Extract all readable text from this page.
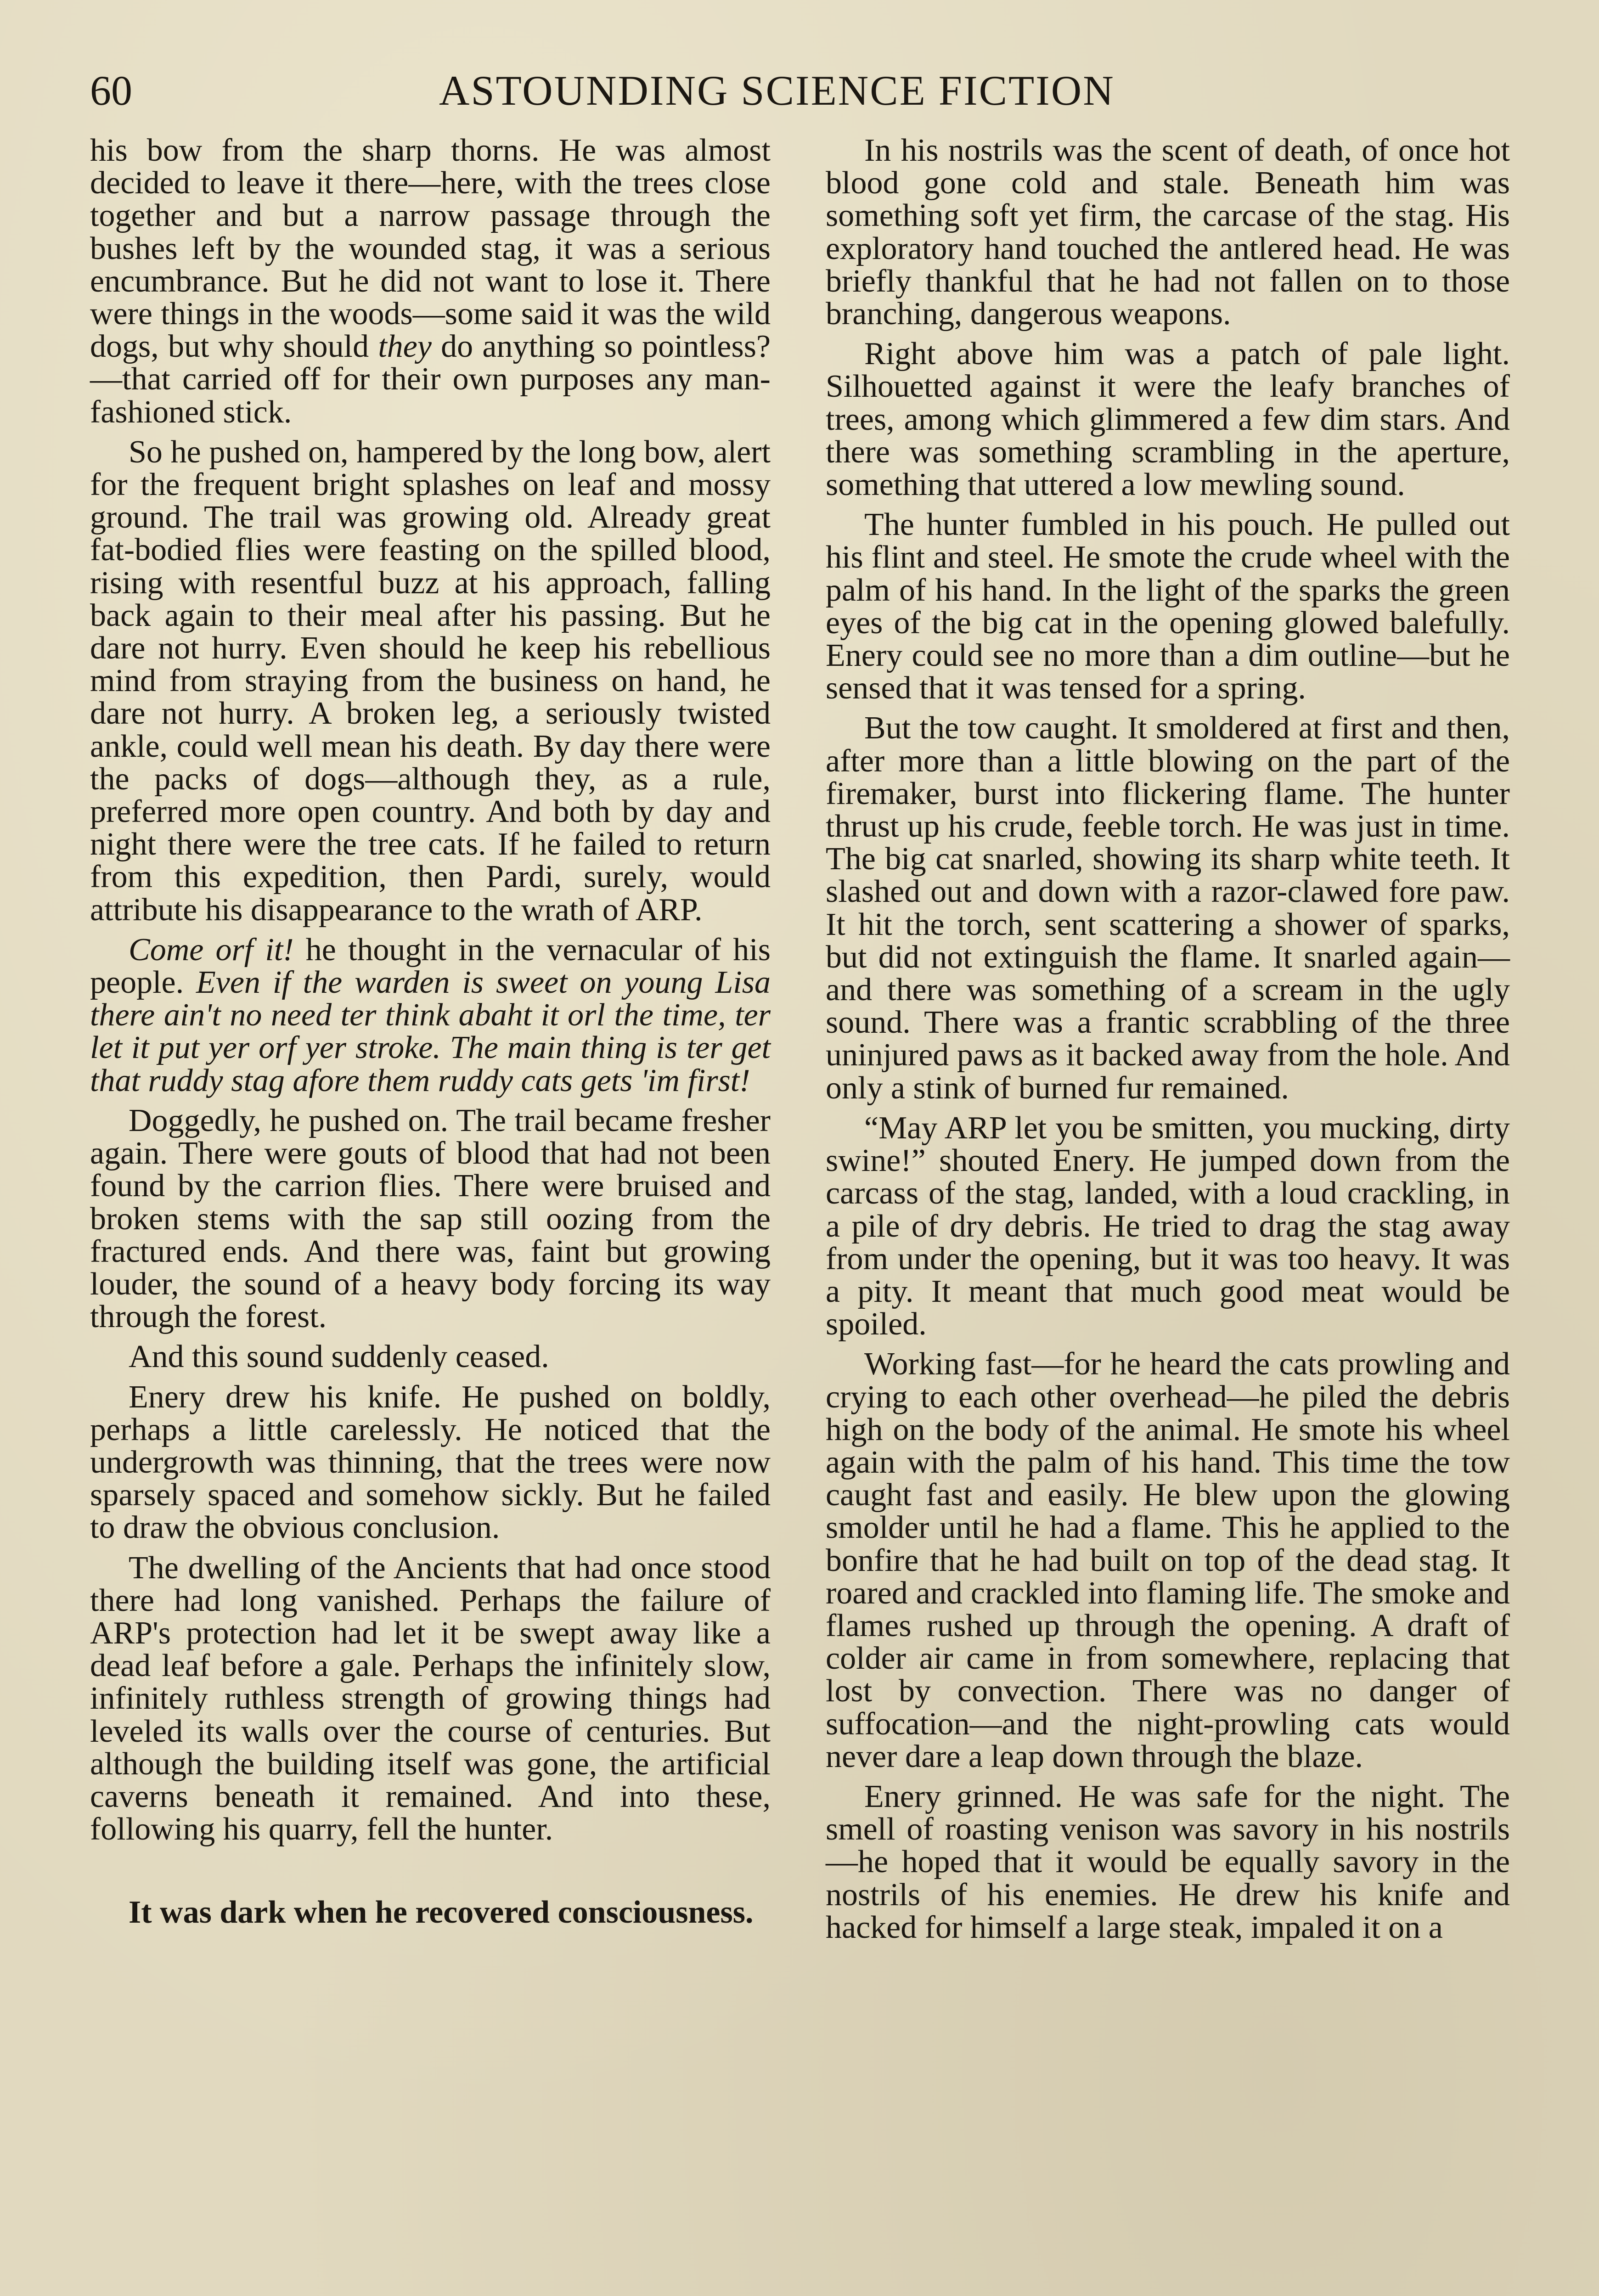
60	ASTOUNDING SCIENCE FICTION

his bow from the sharp thorns. He was almost decided to leave it there—here, with the trees close together and but a narrow passage through the bushes left by the wounded stag, it was a serious encumbrance. But he did not want to lose it. There were things in the woods—some said it was the wild dogs, but why should they do anything so pointless?—that carried off for their own purposes any man-fashioned stick.

So he pushed on, hampered by the long bow, alert for the frequent bright splashes on leaf and mossy ground. The trail was growing old. Already great fat-bodied flies were feasting on the spilled blood, rising with resentful buzz at his approach, falling back again to their meal after his passing. But he dare not hurry. Even should he keep his rebellious mind from straying from the business on hand, he dare not hurry. A broken leg, a seriously twisted ankle, could well mean his death. By day there were the packs of dogs—although they, as a rule, preferred more open country. And both by day and night there were the tree cats. If he failed to return from this expedition, then Pardi, surely, would attribute his disappearance to the wrath of ARP.

Come orf it! he thought in the vernacular of his people. Even if the warden is sweet on young Lisa there ain't no need ter think abaht it orl the time, ter let it put yer orf yer stroke. The main thing is ter get that ruddy stag afore them ruddy cats gets 'im first!

Doggedly, he pushed on. The trail became fresher again. There were gouts of blood that had not been found by the carrion flies. There were bruised and broken stems with the sap still oozing from the fractured ends. And there was, faint but growing louder, the sound of a heavy body forcing its way through the forest.

And this sound suddenly ceased.

Enery drew his knife. He pushed on boldly, perhaps a little carelessly. He noticed that the undergrowth was thinning, that the trees were now sparsely spaced and somehow sickly. But he failed to draw the obvious conclusion.

The dwelling of the Ancients that had once stood there had long vanished. Perhaps the failure of ARP's protection had let it be swept away like a dead leaf before a gale. Perhaps the infinitely slow, infinitely ruthless strength of growing things had leveled its walls over the course of centuries. But although the building itself was gone, the artificial caverns beneath it remained. And into these, following his quarry, fell the hunter.

It was dark when he recovered consciousness.

In his nostrils was the scent of death, of once hot blood gone cold and stale. Beneath him was something soft yet firm, the carcase of the stag. His exploratory hand touched the antlered head. He was briefly thankful that he had not fallen on to those branching, dangerous weapons.

Right above him was a patch of pale light. Silhouetted against it were the leafy branches of trees, among which glimmered a few dim stars. And there was something scrambling in the aperture, something that uttered a low mewling sound.

The hunter fumbled in his pouch. He pulled out his flint and steel. He smote the crude wheel with the palm of his hand. In the light of the sparks the green eyes of the big cat in the opening glowed balefully. Enery could see no more than a dim outline—but he sensed that it was tensed for a spring.

But the tow caught. It smoldered at first and then, after more than a little blowing on the part of the firemaker, burst into flickering flame. The hunter thrust up his crude, feeble torch. He was just in time. The big cat snarled, showing its sharp white teeth. It slashed out and down with a razor-clawed fore paw. It hit the torch, sent scattering a shower of sparks, but did not extinguish the flame. It snarled again—and there was something of a scream in the ugly sound. There was a frantic scrabbling of the three uninjured paws as it backed away from the hole. And only a stink of burned fur remained.

“May ARP let you be smitten, you mucking, dirty swine!” shouted Enery. He jumped down from the carcass of the stag, landed, with a loud crackling, in a pile of dry debris. He tried to drag the stag away from under the opening, but it was too heavy. It was a pity. It meant that much good meat would be spoiled.

Working fast—for he heard the cats prowling and crying to each other overhead—he piled the debris high on the body of the animal. He smote his wheel again with the palm of his hand. This time the tow caught fast and easily. He blew upon the glowing smolder until he had a flame. This he applied to the bonfire that he had built on top of the dead stag. It roared and crackled into flaming life. The smoke and flames rushed up through the opening. A draft of colder air came in from somewhere, replacing that lost by convection. There was no danger of suffocation—and the night-prowling cats would never dare a leap down through the blaze.

Enery grinned. He was safe for the night. The smell of roasting venison was savory in his nostrils—he hoped that it would be equally savory in the nostrils of his enemies. He drew his knife and hacked for himself a large steak, impaled it on a
